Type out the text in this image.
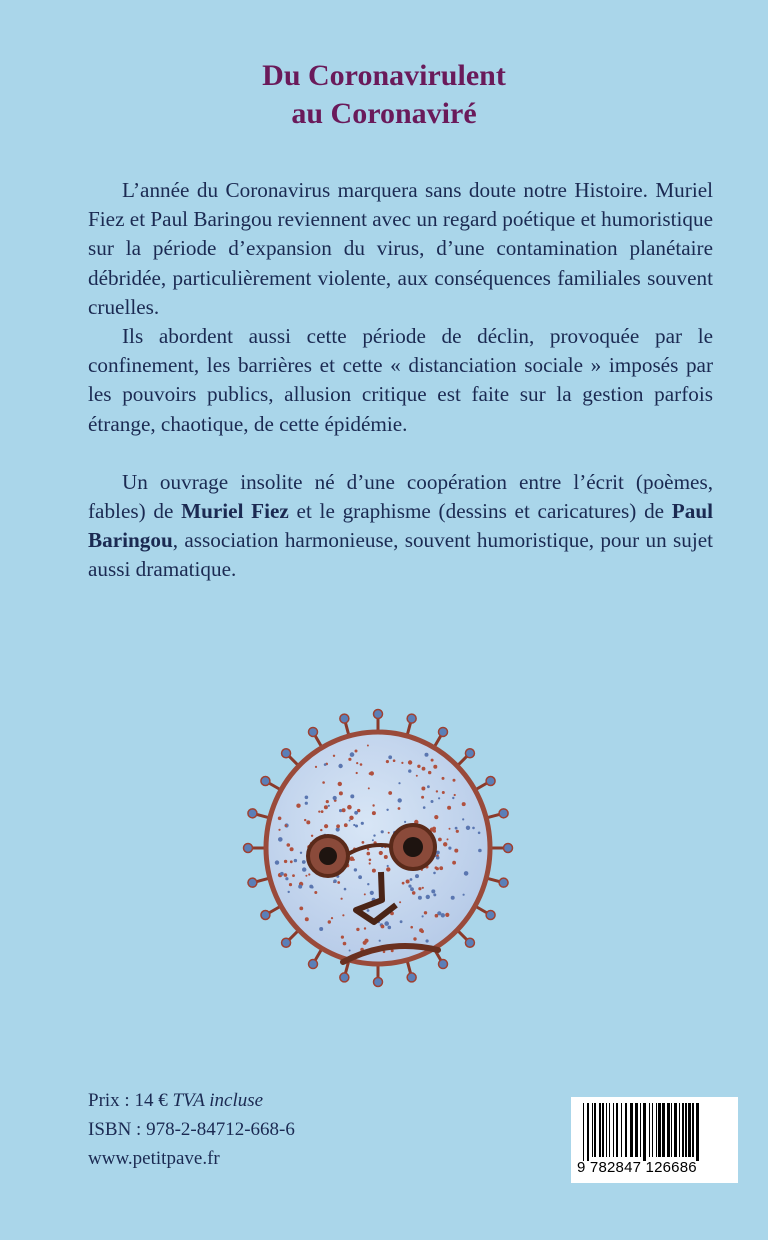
Du Coronavirulent
au Coronaviré

L’année du Coronavirus marquera sans doute notre Histoire. Muriel Fiez et Paul Baringou reviennent avec un regard poétique et humoristique sur la période d’expansion du virus, d’une contamination planétaire débridée, particulièrement violente, aux conséquences familiales souvent cruelles.

Ils abordent aussi cette période de déclin, provoquée par le confinement, les barrières et cette « distanciation sociale » imposés par les pouvoirs publics, allusion critique est faite sur la gestion parfois étrange, chaotique, de cette épidémie.

Un ouvrage insolite né d’une coopération entre l’écrit (poèmes, fables) de Muriel Fiez et le graphisme (dessins et caricatures) de Paul Baringou, association harmonieuse, souvent humoristique, pour un sujet aussi dramatique.

Prix : 14 € TVA incluse
ISBN : 978-2-84712-668-6
www.petitpave.fr	9 782847 126686
